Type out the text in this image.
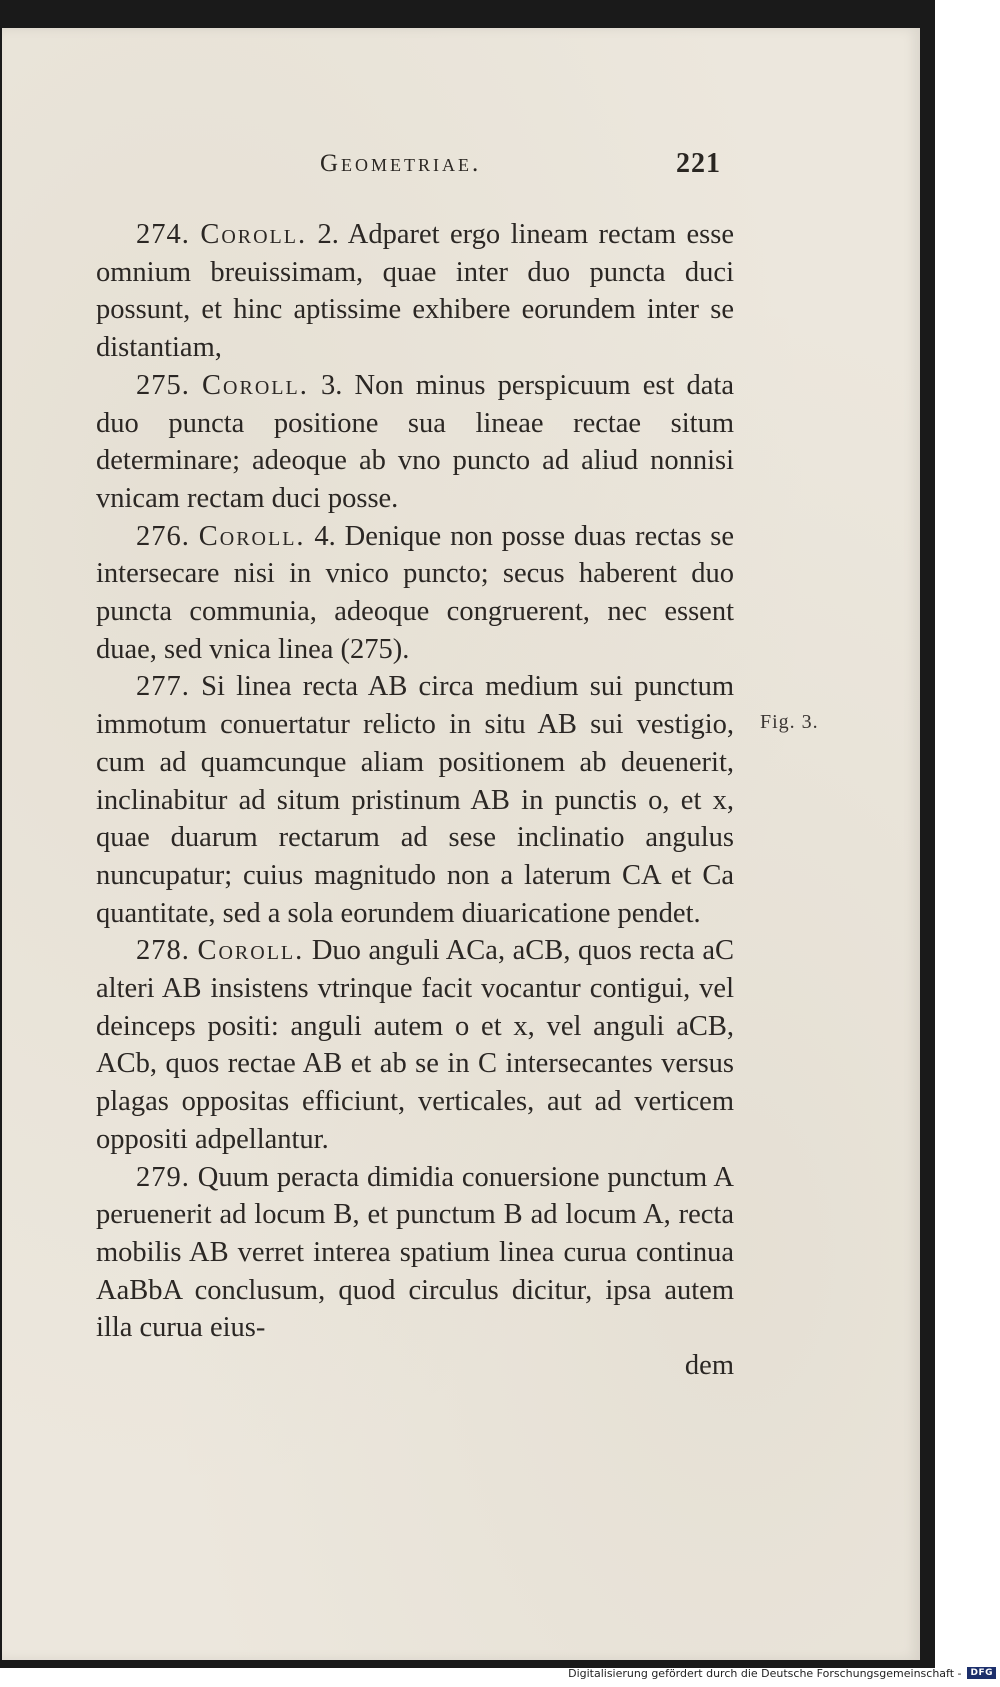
Geometriae.	221

274. Coroll. 2. Adparet ergo lineam rectam esse omnium breuissimam, quae inter duo puncta duci possunt, et hinc aptissime exhibere eorundem inter se distantiam,

275. Coroll. 3. Non minus perspicuum est data duo puncta positione sua lineae rectae situm determinare; adeoque ab vno puncto ad aliud nonnisi vnicam rectam duci posse.

276. Coroll. 4. Denique non posse duas rectas se intersecare nisi in vnico puncto; secus haberent duo puncta communia, adeoque congruerent, nec essent duae, sed vnica linea (275).

277. Si linea recta AB circa medium sui punctum immotum conuertatur relicto in situ AB sui vestigio, cum ad quamcunque aliam positionem ab deuenerit, inclinabitur ad situm pristinum AB in punctis o, et x, quae duarum rectarum ad sese inclinatio angulus nuncupatur; cuius magnitudo non a laterum CA et Ca quantitate, sed a sola eorundem diuaricatione pendet.

278. Coroll. Duo anguli ACa, aCB, quos recta aC alteri AB insistens vtrinque facit vocantur contigui, vel deinceps positi: anguli autem o et x, vel anguli aCB, ACb, quos rectae AB et ab se in C intersecantes versus plagas oppositas efficiunt, verticales, aut ad verticem oppositi adpellantur.

279. Quum peracta dimidia conuersione punctum A peruenerit ad locum B, et punctum B ad locum A, recta mobilis AB verret interea spatium linea curua continua AaBbA conclusum, quod circulus dicitur, ipsa autem illa curua eius-

dem
Fig. 3.
Digitalisierung gefördert durch die Deutsche Forschungsgemeinschaft -	DFG
